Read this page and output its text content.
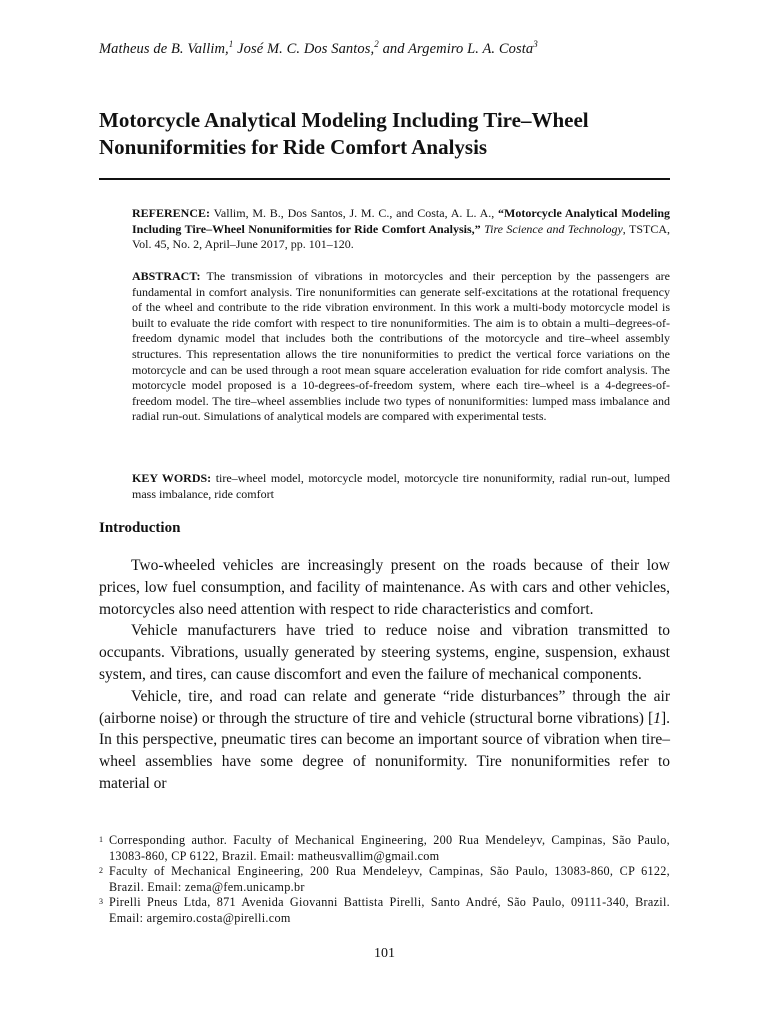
Matheus de B. Vallim,$^1$ José M. C. Dos Santos,$^2$ and Argemiro L. A. Costa$^3$
Motorcycle Analytical Modeling Including Tire–Wheel Nonuniformities for Ride Comfort Analysis
REFERENCE: Vallim, M. B., Dos Santos, J. M. C., and Costa, A. L. A., “Motorcycle Analytical Modeling Including Tire–Wheel Nonuniformities for Ride Comfort Analysis,” Tire Science and Technology, TSTCA, Vol. 45, No. 2, April–June 2017, pp. 101–120.
ABSTRACT: The transmission of vibrations in motorcycles and their perception by the passengers are fundamental in comfort analysis. Tire nonuniformities can generate self-excitations at the rotational frequency of the wheel and contribute to the ride vibration environment. In this work a multi-body motorcycle model is built to evaluate the ride comfort with respect to tire nonuniformities. The aim is to obtain a multi–degrees-of-freedom dynamic model that includes both the contributions of the motorcycle and tire–wheel assembly structures. This representation allows the tire nonuniformities to predict the vertical force variations on the motorcycle and can be used through a root mean square acceleration evaluation for ride comfort analysis. The motorcycle model proposed is a 10-degrees-of-freedom system, where each tire–wheel is a 4-degrees-of-freedom model. The tire–wheel assemblies include two types of nonuniformities: lumped mass imbalance and radial run-out. Simulations of analytical models are compared with experimental tests.
KEY WORDS: tire–wheel model, motorcycle model, motorcycle tire nonuniformity, radial run-out, lumped mass imbalance, ride comfort
Introduction

Two-wheeled vehicles are increasingly present on the roads because of their low prices, low fuel consumption, and facility of maintenance. As with cars and other vehicles, motorcycles also need attention with respect to ride characteristics and comfort.

Vehicle manufacturers have tried to reduce noise and vibration transmitted to occupants. Vibrations, usually generated by steering systems, engine, suspension, exhaust system, and tires, can cause discomfort and even the failure of mechanical components.

Vehicle, tire, and road can relate and generate “ride disturbances” through the air (airborne noise) or through the structure of tire and vehicle (structural borne vibrations) [1]. In this perspective, pneumatic tires can become an important source of vibration when tire–wheel assemblies have some degree of nonuniformity. Tire nonuniformities refer to material or

1 Corresponding author. Faculty of Mechanical Engineering, 200 Rua Mendeleyv, Campinas, São Paulo, 13083-860, CP 6122, Brazil. Email: matheusvallim@gmail.com
2 Faculty of Mechanical Engineering, 200 Rua Mendeleyv, Campinas, São Paulo, 13083-860, CP 6122, Brazil. Email: zema@fem.unicamp.br
3 Pirelli Pneus Ltda, 871 Avenida Giovanni Battista Pirelli, Santo André, São Paulo, 09111-340, Brazil. Email: argemiro.costa@pirelli.com
101
